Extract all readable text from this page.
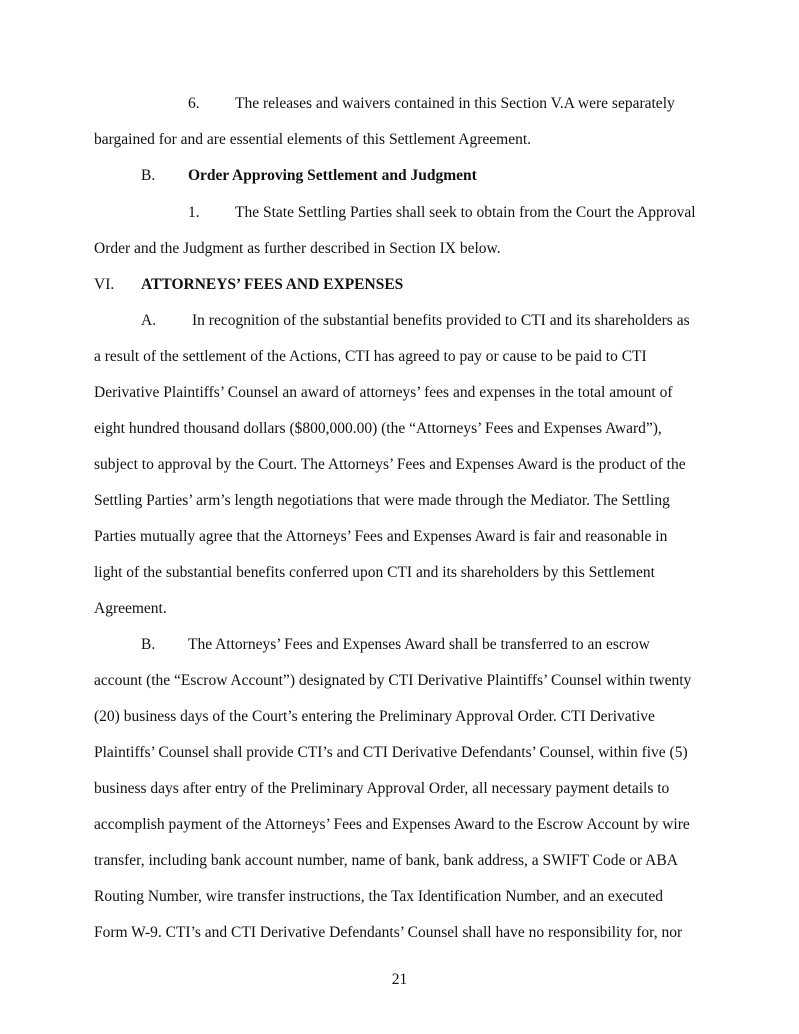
6. The releases and waivers contained in this Section V.A were separately
bargained for and are essential elements of this Settlement Agreement.
B. Order Approving Settlement and Judgment
1. The State Settling Parties shall seek to obtain from the Court the Approval
Order and the Judgment as further described in Section IX below.
VI. ATTORNEYS’ FEES AND EXPENSES
A. In recognition of the substantial benefits provided to CTI and its shareholders as
a result of the settlement of the Actions, CTI has agreed to pay or cause to be paid to CTI
Derivative Plaintiffs’ Counsel an award of attorneys’ fees and expenses in the total amount of
eight hundred thousand dollars ($800,000.00) (the “Attorneys’ Fees and Expenses Award”),
subject to approval by the Court. The Attorneys’ Fees and Expenses Award is the product of the
Settling Parties’ arm’s length negotiations that were made through the Mediator. The Settling
Parties mutually agree that the Attorneys’ Fees and Expenses Award is fair and reasonable in
light of the substantial benefits conferred upon CTI and its shareholders by this Settlement
Agreement.
B. The Attorneys’ Fees and Expenses Award shall be transferred to an escrow
account (the “Escrow Account”) designated by CTI Derivative Plaintiffs’ Counsel within twenty
(20) business days of the Court’s entering the Preliminary Approval Order. CTI Derivative
Plaintiffs’ Counsel shall provide CTI’s and CTI Derivative Defendants’ Counsel, within five (5)
business days after entry of the Preliminary Approval Order, all necessary payment details to
accomplish payment of the Attorneys’ Fees and Expenses Award to the Escrow Account by wire
transfer, including bank account number, name of bank, bank address, a SWIFT Code or ABA
Routing Number, wire transfer instructions, the Tax Identification Number, and an executed
Form W-9. CTI’s and CTI Derivative Defendants’ Counsel shall have no responsibility for, nor
21
